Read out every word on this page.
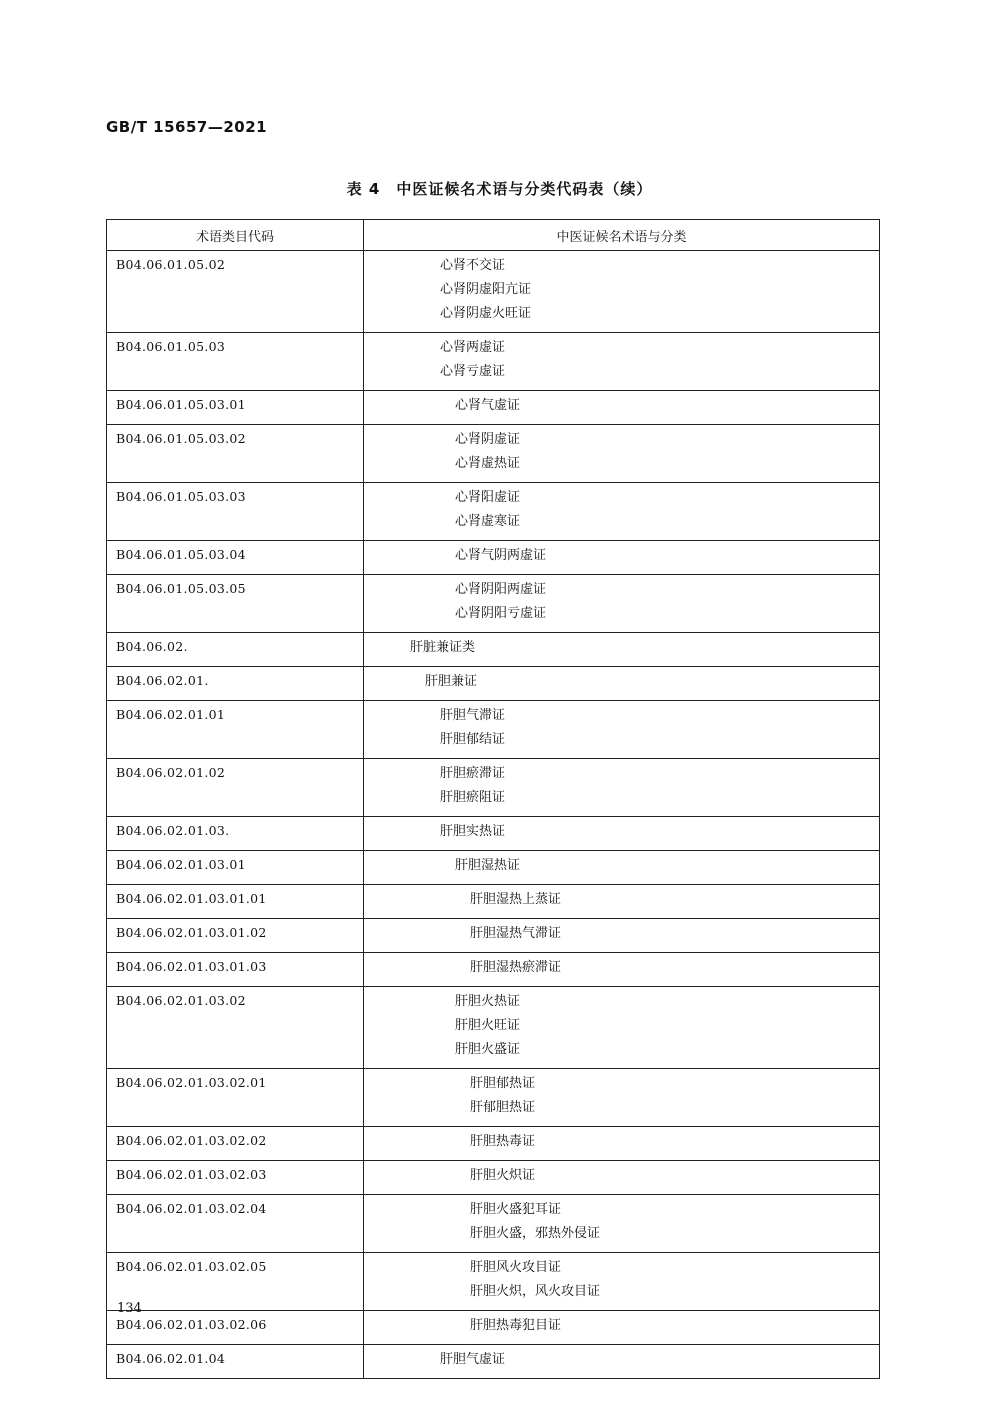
GB/T 15657—2021
表 4　中医证候名术语与分类代码表（续）
术语类目代码	中医证候名术语与分类
B04.06.01.05.02	心肾不交证
心肾阴虚阳亢证
心肾阴虚火旺证

B04.06.01.05.03	心肾两虚证
心肾亏虚证

B04.06.01.05.03.01	心肾气虚证

B04.06.01.05.03.02	心肾阴虚证
心肾虚热证

B04.06.01.05.03.03	心肾阳虚证
心肾虚寒证

B04.06.01.05.03.04	心肾气阴两虚证

B04.06.01.05.03.05	心肾阴阳两虚证
心肾阴阳亏虚证

B04.06.02.	肝脏兼证类

B04.06.02.01.	肝胆兼证

B04.06.02.01.01	肝胆气滞证
肝胆郁结证

B04.06.02.01.02	肝胆瘀滞证
肝胆瘀阻证

B04.06.02.01.03.	肝胆实热证

B04.06.02.01.03.01	肝胆湿热证

B04.06.02.01.03.01.01	肝胆湿热上蒸证

B04.06.02.01.03.01.02	肝胆湿热气滞证

B04.06.02.01.03.01.03	肝胆湿热瘀滞证

B04.06.02.01.03.02	肝胆火热证
肝胆火旺证
肝胆火盛证

B04.06.02.01.03.02.01	肝胆郁热证
肝郁胆热证

B04.06.02.01.03.02.02	肝胆热毒证

B04.06.02.01.03.02.03	肝胆火炽证

B04.06.02.01.03.02.04	肝胆火盛犯耳证
肝胆火盛，邪热外侵证

B04.06.02.01.03.02.05	肝胆风火攻目证
肝胆火炽，风火攻目证

B04.06.02.01.03.02.06	肝胆热毒犯目证

B04.06.02.01.04	肝胆气虚证
134
